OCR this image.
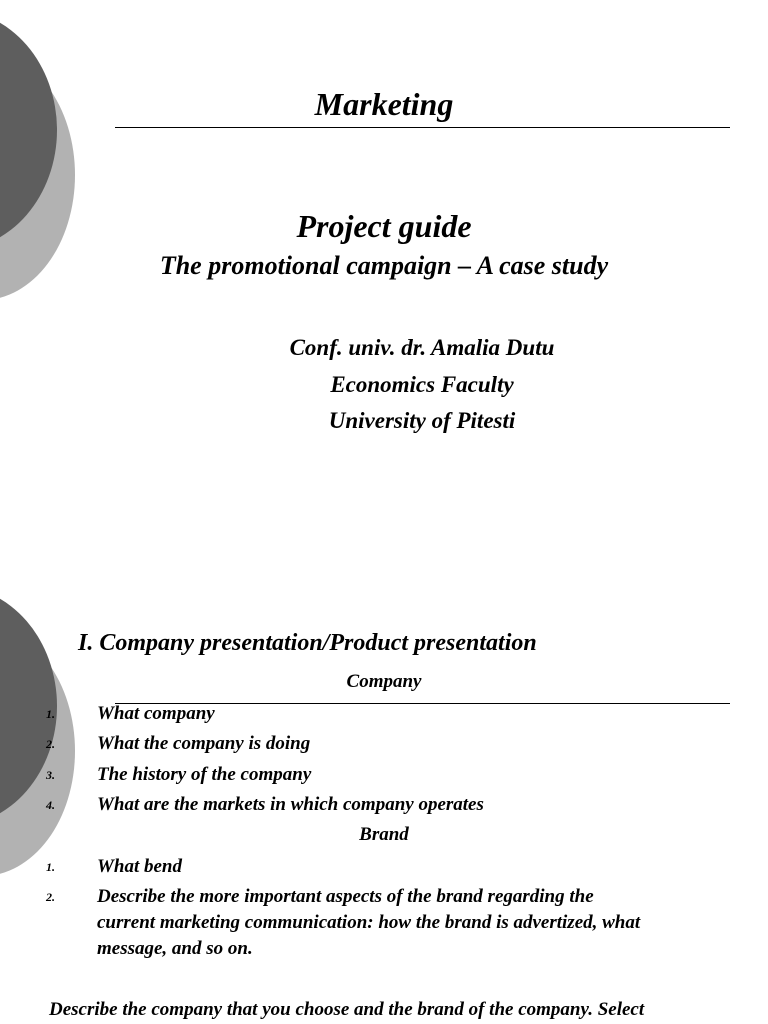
Marketing
Project guide
The promotional campaign – A case study
Conf. univ. dr. Amalia Dutu
Economics Faculty
University of Pitesti
I. Company presentation/Product presentation
Company
1. What company
2. What the company is doing
3. The history of the company
4. What are the markets in which company operates
Brand
1. What bend
2. Describe the more important aspects of the brand regarding the
current marketing communication: how the brand is advertized, what
message, and so on.
Describe the company that you choose and the brand of the company. Select
